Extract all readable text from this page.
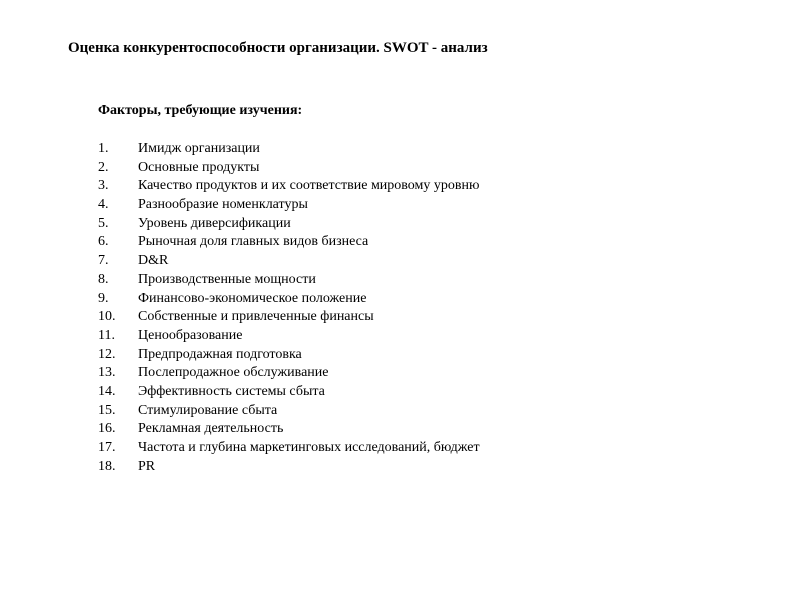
Оценка конкурентоспособности организации. SWOT - анализ
Факторы, требующие изучения:
1.	Имидж организации
2.	Основные продукты
3.	Качество продуктов и их соответствие мировому уровню
4.	Разнообразие номенклатуры
5.	Уровень диверсификации
6.	Рыночная доля главных видов бизнеса
7.	D&R
8.	Производственные мощности
9.	Финансово-экономическое положение
10.	Собственные и привлеченные финансы
11.	Ценообразование
12.	Предпродажная подготовка
13.	Послепродажное обслуживание
14.	Эффективность системы сбыта
15.	Стимулирование сбыта
16.	Рекламная деятельность
17.	Частота и глубина маркетинговых исследований, бюджет
18.	PR
